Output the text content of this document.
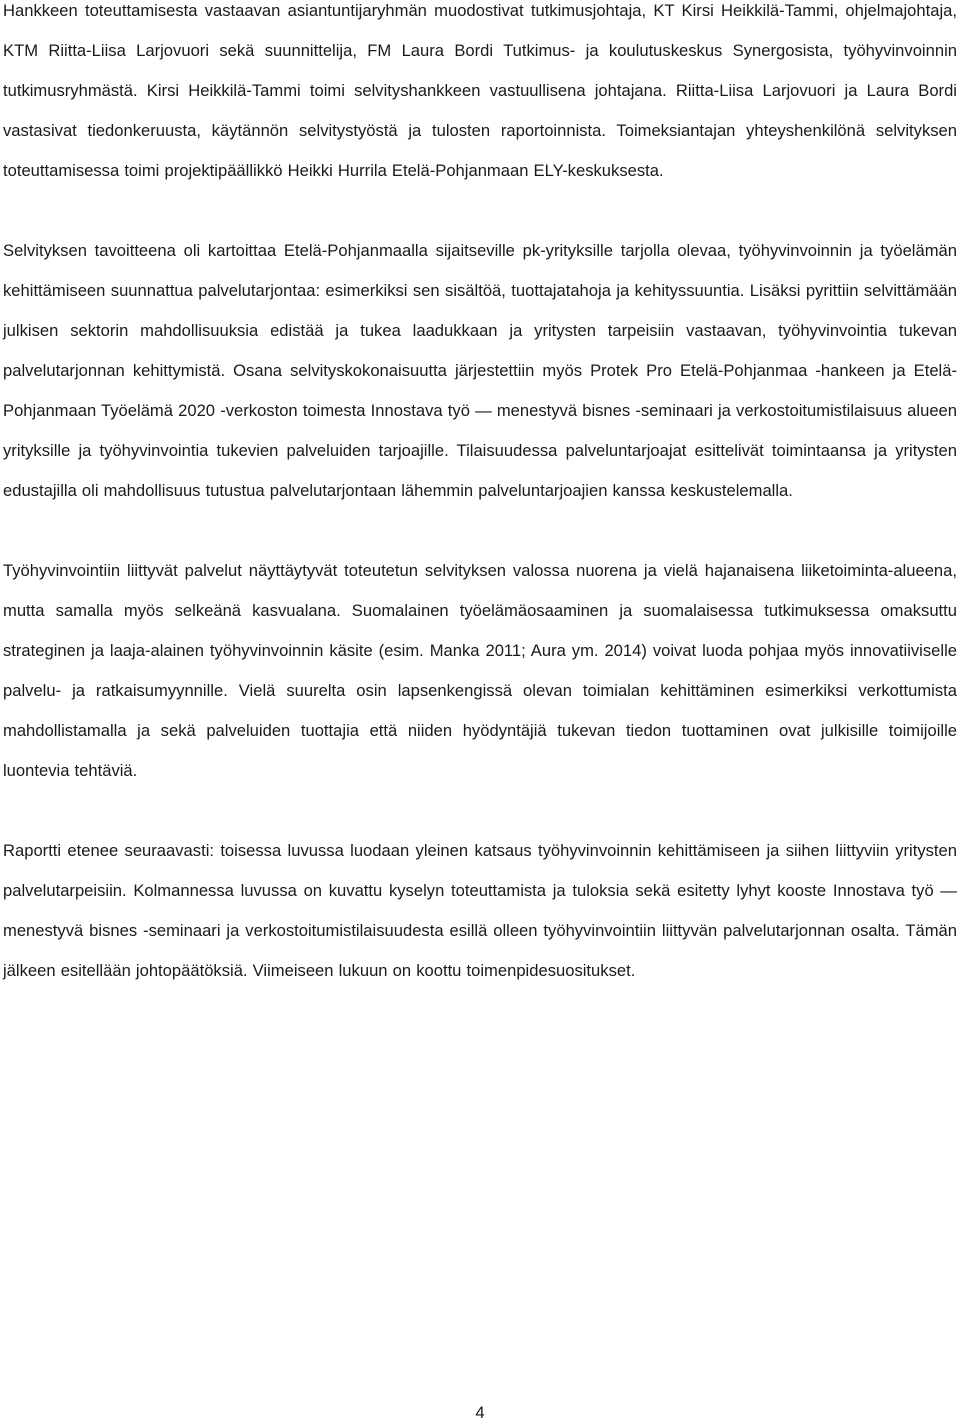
Hankkeen toteuttamisesta vastaavan asiantuntijaryhmän muodostivat tutkimusjohtaja, KT Kirsi Heikkilä-Tammi, ohjelmajohtaja, KTM Riitta-Liisa Larjovuori sekä suunnittelija, FM Laura Bordi Tutkimus- ja koulutuskeskus Synergosista, työhyvinvoinnin tutkimusryhmästä. Kirsi Heikkilä-Tammi toimi selvityshankkeen vastuullisena johtajana. Riitta-Liisa Larjovuori ja Laura Bordi vastasivat tiedonkeruusta, käytännön selvitystyöstä ja tulosten raportoinnista. Toimeksiantajan yhteyshenkilönä selvityksen toteuttamisessa toimi projektipäällikkö Heikki Hurrila Etelä-Pohjanmaan ELY-keskuksesta.

Selvityksen tavoitteena oli kartoittaa Etelä-Pohjanmaalla sijaitseville pk-yrityksille tarjolla olevaa, työhyvinvoinnin ja työelämän kehittämiseen suunnattua palvelutarjontaa: esimerkiksi sen sisältöä, tuottajatahoja ja kehityssuuntia. Lisäksi pyrittiin selvittämään julkisen sektorin mahdollisuuksia edistää ja tukea laadukkaan ja yritysten tarpeisiin vastaavan, työhyvinvointia tukevan palvelutarjonnan kehittymistä. Osana selvityskokonaisuutta järjestettiin myös Protek Pro Etelä-Pohjanmaa -hankeen ja Etelä-Pohjanmaan Työelämä 2020 -verkoston toimesta Innostava työ — menestyvä bisnes -seminaari ja verkostoitumistilaisuus alueen yrityksille ja työhyvinvointia tukevien palveluiden tarjoajille. Tilaisuudessa palveluntarjoajat esittelivät toimintaansa ja yritysten edustajilla oli mahdollisuus tutustua palvelutarjontaan lähemmin palveluntarjoajien kanssa keskustelemalla.

Työhyvinvointiin liittyvät palvelut näyttäytyvät toteutetun selvityksen valossa nuorena ja vielä hajanaisena liiketoiminta-alueena, mutta samalla myös selkeänä kasvualana. Suomalainen työelämäosaaminen ja suomalaisessa tutkimuksessa omaksuttu strateginen ja laaja-alainen työhyvinvoinnin käsite (esim. Manka 2011; Aura ym. 2014) voivat luoda pohjaa myös innovatiiviselle palvelu- ja ratkaisumyynnille. Vielä suurelta osin lapsenkengissä olevan toimialan kehittäminen esimerkiksi verkottumista mahdollistamalla ja sekä palveluiden tuottajia että niiden hyödyntäjiä tukevan tiedon tuottaminen ovat julkisille toimijoille luontevia tehtäviä.

Raportti etenee seuraavasti: toisessa luvussa luodaan yleinen katsaus työhyvinvoinnin kehittämiseen ja siihen liittyviin yritysten palvelutarpeisiin. Kolmannessa luvussa on kuvattu kyselyn toteuttamista ja tuloksia sekä esitetty lyhyt kooste Innostava työ — menestyvä bisnes -seminaari ja verkostoitumistilaisuudesta esillä olleen työhyvinvointiin liittyvän palvelutarjonnan osalta. Tämän jälkeen esitellään johtopäätöksiä. Viimeiseen lukuun on koottu toimenpidesuositukset.

4
